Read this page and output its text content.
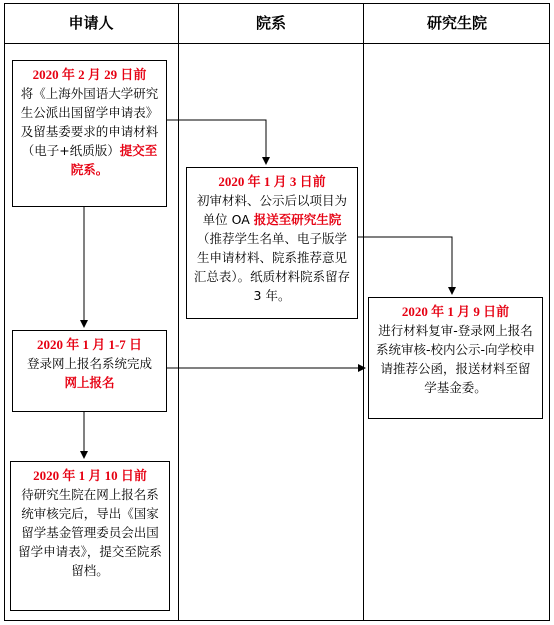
申请人	院系	研究生院
2020 年 2 月 29 日前
将《上海外国语大学研究生公派出国留学申请表》及留基委要求的申请材料（电子+纸质版）提交至院系。
2020 年 1 月 3 日前
初审材料、公示后以项目为单位 OA 报送至研究生院（推荐学生名单、电子版学生申请材料、院系推荐意见汇总表）。纸质材料院系留存 3 年。
2020 年 1 月 1-7 日
登录网上报名系统完成
网上报名
2020 年 1 月 9 日前
进行材料复审-登录网上报名系统审核-校内公示-向学校申请推荐公函，报送材料至留学基金委。
2020 年 1 月 10 日前
待研究生院在网上报名系统审核完后，导出《国家留学基金管理委员会出国留学申请表》，提交至院系留档。
